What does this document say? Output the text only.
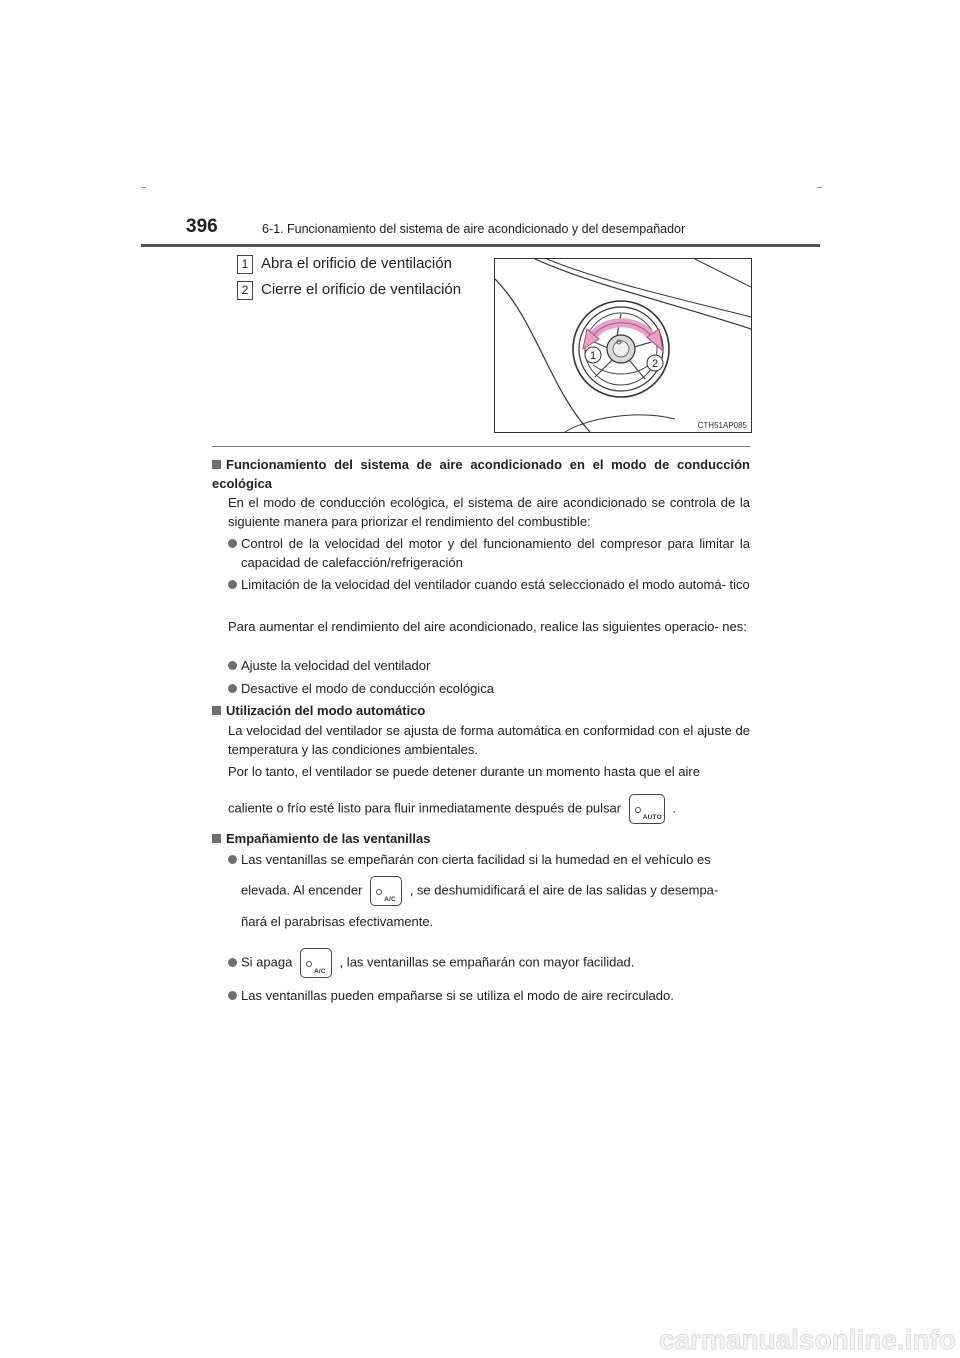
396	6-1. Funcionamiento del sistema de aire acondicionado y del desempañador
1 Abra el orificio de ventilación
2 Cierre el orificio de ventilación
1
2
CTH51AP085
Funcionamiento del sistema de aire acondicionado en el modo de conducción ecológica
En el modo de conducción ecológica, el sistema de aire acondicionado se controla de la siguiente manera para priorizar el rendimiento del combustible:
Control de la velocidad del motor y del funcionamiento del compresor para limitar la capacidad de calefacción/refrigeración
Limitación de la velocidad del ventilador cuando está seleccionado el modo automá- tico
Para aumentar el rendimiento del aire acondicionado, realice las siguientes operacio- nes:
Ajuste la velocidad del ventilador
Desactive el modo de conducción ecológica
Utilización del modo automático
La velocidad del ventilador se ajusta de forma automática en conformidad con el ajuste de temperatura y las condiciones ambientales.
Por lo tanto, el ventilador se puede detener durante un momento hasta que el aire
caliente o frío esté listo para fluir inmediatamente después de pulsar
AUTO
.
Empañamiento de las ventanillas
Las ventanillas se empeñarán con cierta facilidad si la humedad en el vehículo es
elevada. Al encender
A/C
, se deshumidificará el aire de las salidas y desempa-
ñará el parabrisas efectivamente.
Si apaga
A/C
, las ventanillas se empañarán con mayor facilidad.
Las ventanillas pueden empañarse si se utiliza el modo de aire recirculado.
carmanualsonline.info
